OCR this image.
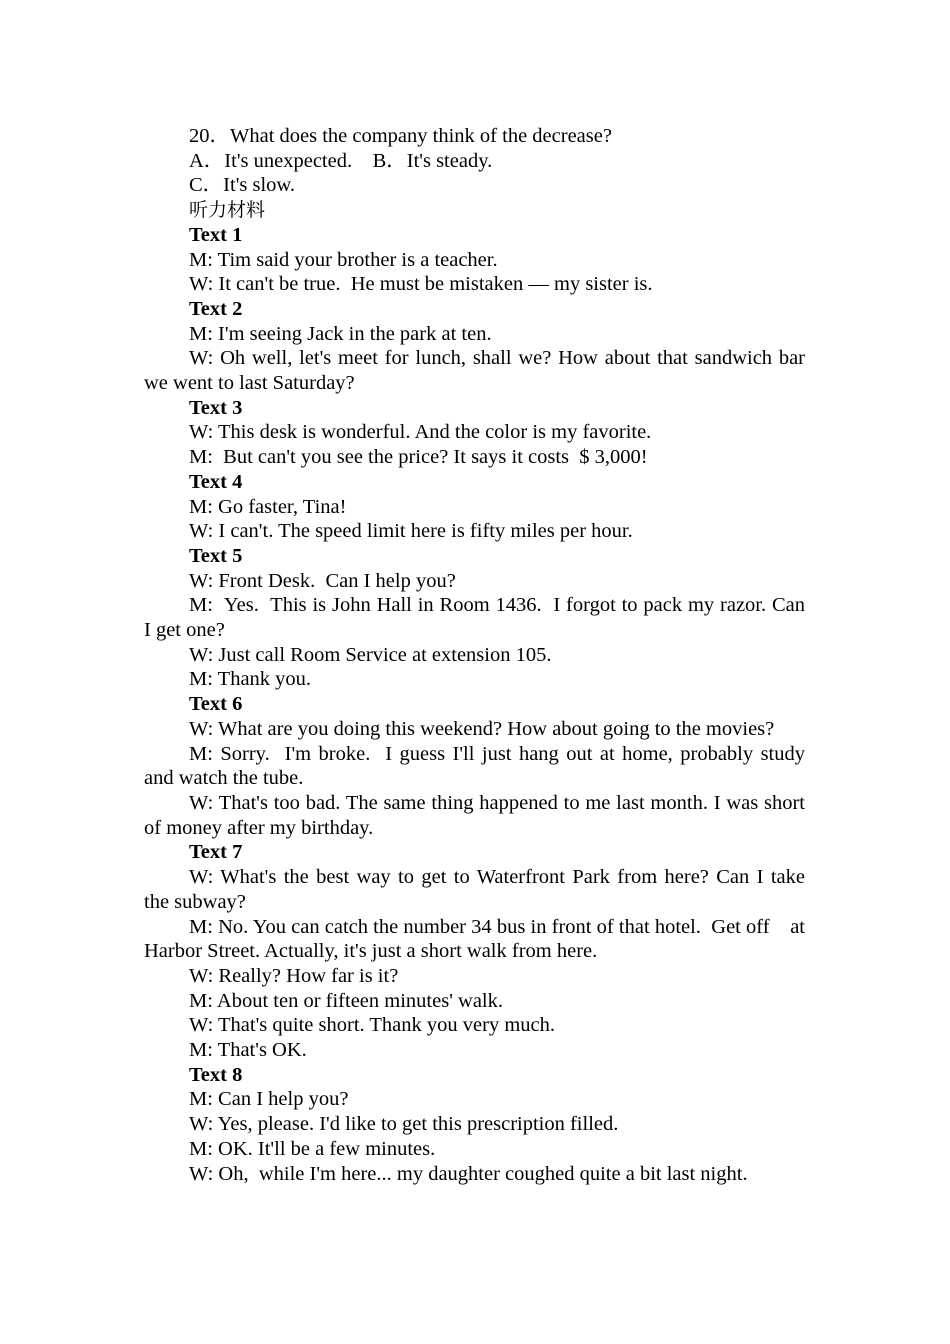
20．What does the company think of the decrease?

A．It's unexpected.　B．It's steady.

C．It's slow.

听力材料

Text 1

M: Tim said your brother is a teacher.

W: It can't be true.  He must be mistaken — my sister is.

Text 2

M: I'm seeing Jack in the park at ten.

W: Oh well, let's meet for lunch, shall we? How about that sandwich bar we went to last Saturday?

Text 3

W: This desk is wonderful. And the color is my favorite.

M:  But can't you see the price? It says it costs  $ 3,000!

Text 4

M: Go faster, Tina!

W: I can't. The speed limit here is fifty miles per hour.

Text 5

W: Front Desk.  Can I help you?

M:  Yes.  This is John Hall in Room 1436.  I forgot to pack my razor. Can　 I get one?

W: Just call Room Service at extension 105.

M: Thank you.

Text 6

W: What are you doing this weekend? How about going to the movies?

M: Sorry.  I'm broke.  I guess I'll just hang out at home, probably study　and watch the tube.

W: That's too bad. The same thing happened to me last month. I was short of money after my birthday.

Text 7

W: What's the best way to get to Waterfront Park from here? Can I take　the subway?

M: No. You can catch the number 34 bus in front of that hotel.  Get off　at Harbor Street. Actually, it's just a short walk from here.

W: Really? How far is it?

M: About ten or fifteen minutes' walk.

W: That's quite short. Thank you very much.

M: That's OK.

Text 8

M: Can I help you?

W: Yes, please. I'd like to get this prescription filled.

M: OK. It'll be a few minutes.

W: Oh,  while I'm here... my daughter coughed quite a bit last night.
